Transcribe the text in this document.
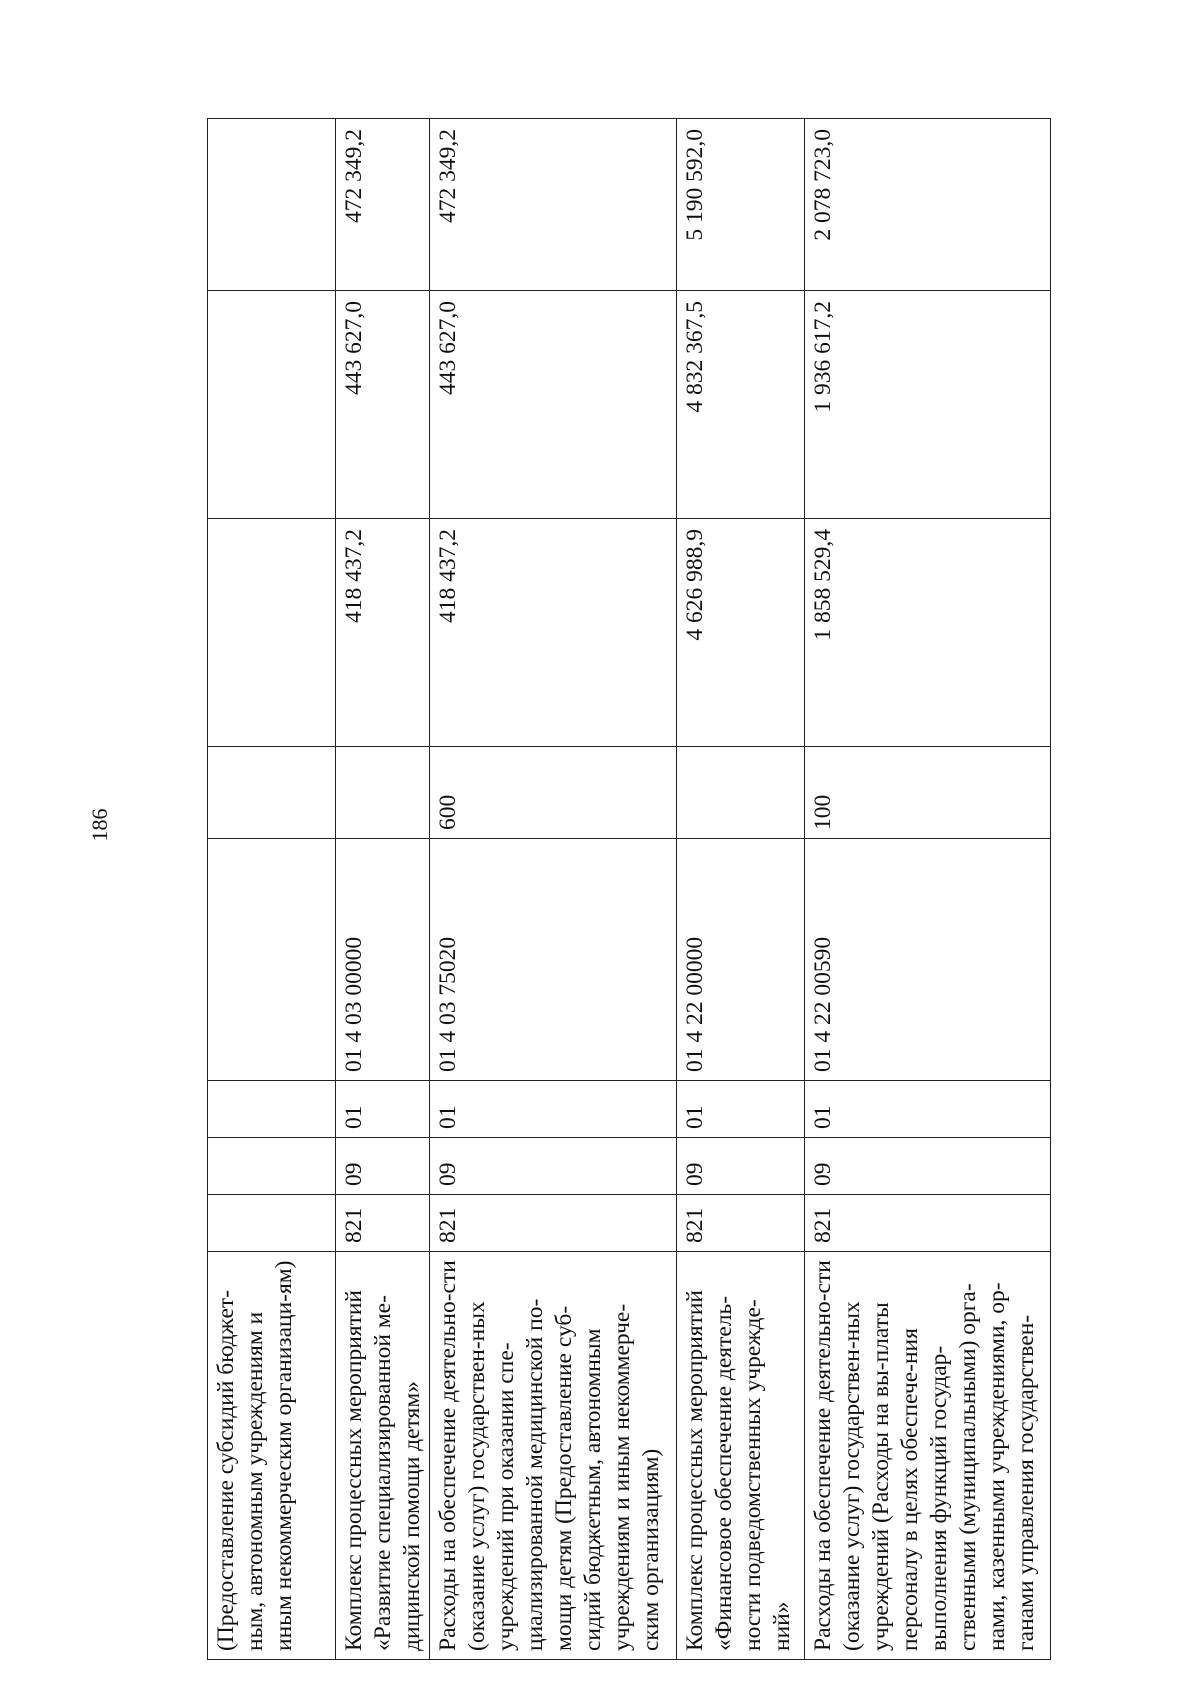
186
(Предоставление субсидий бюджет-ным, автономным учреждениям и иным некоммерческим организаци-ям)								

Комплекс процессных мероприятий «Развитие специализированной ме-дицинской помощи детям»	821	09	01	01 4 03 00000		418 437,2	443 627,0	472 349,2

Расходы на обеспечение деятельно-сти (оказание услуг) государствен-ных учреждений при оказании спе-циализированной медицинской по-мощи детям (Предоставление суб-сидий бюджетным, автономным учреждениям и иным некоммерче-ским организациям)	821	09	01	01 4 03 75020	600	418 437,2	443 627,0	472 349,2

Комплекс процессных мероприятий «Финансовое обеспечение деятель-ности подведомственных учрежде-ний»	821	09	01	01 4 22 00000		4 626 988,9	4 832 367,5	5 190 592,0

Расходы на обеспечение деятельно-сти (оказание услуг) государствен-ных учреждений (Расходы на вы-платы персоналу в целях обеспече-ния выполнения функций государ-ственными (муниципальными) орга-нами, казенными учреждениями, ор-ганами управления государствен-	821	09	01	01 4 22 00590	100	1 858 529,4	1 936 617,2	2 078 723,0
